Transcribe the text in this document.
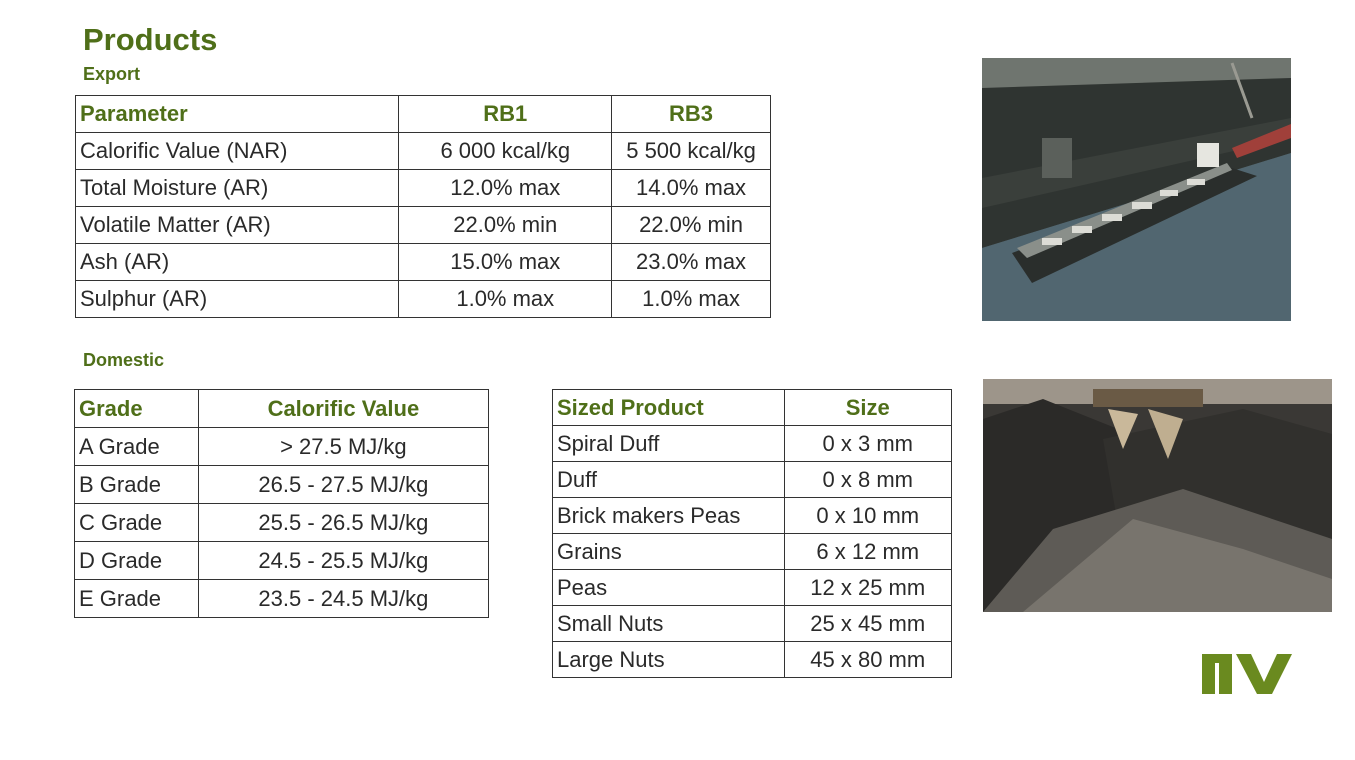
Products
Export
Parameter	RB1	RB3
Calorific Value (NAR)	6 000 kcal/kg	5 500 kcal/kg
Total Moisture (AR)	12.0% max	14.0% max
Volatile Matter (AR)	22.0% min	22.0% min
Ash (AR)	15.0% max	23.0% max
Sulphur (AR)	1.0% max	1.0% max
Domestic
Grade	Calorific Value
A Grade	> 27.5 MJ/kg
B Grade	26.5 - 27.5 MJ/kg
C Grade	25.5 - 26.5 MJ/kg
D Grade	24.5 - 25.5 MJ/kg
E Grade	23.5 - 24.5 MJ/kg
Sized Product	Size
Spiral Duff	0 x 3 mm
Duff	0 x 8 mm
Brick makers Peas	0 x 10 mm
Grains	6 x 12 mm
Peas	12 x 25 mm
Small Nuts	25 x 45 mm
Large Nuts	45 x 80 mm
